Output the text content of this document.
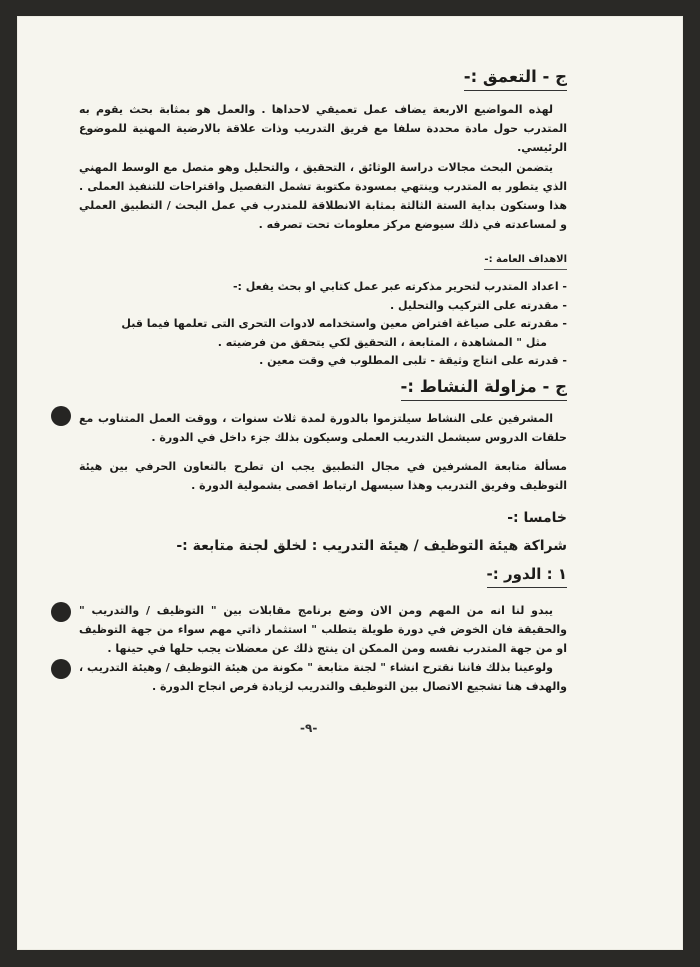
ج - التعمق :-
لهذه المواضيع الاربعة يضاف عمل تعميقي لاحداها . والعمل هو بمثابة بحث يقوم به المتدرب حول مادة محددة سلفا مع فريق التدريب وذات علاقة بالارضية المهنية للموضوع الرئيسي.
يتضمن البحث مجالات دراسة الوثائق ، التحقيق ، والتحليل وهو متصل مع الوسط المهني الذي يتطور به المتدرب وينتهي بمسودة مكتوبة تشمل التفصيل واقتراحات للتنفيذ العملى . هذا وستكون بداية الستة الثالثة بمثابة الانطلاقة للمتدرب في عمل البحث / التطبيق العملي و لمساعدته في ذلك سيوضع مركز معلومات تحت تصرفه .
الاهداف العامة :-
- اعداد المتدرب لتحرير مذكرته عبر عمل كتابي او بحث يفعل :-
- مقدرته على التركيب والتحليل .
- مقدرته على صياغة افتراض معين واستخدامه لادوات التحرى التى تعلمها فيما قبل
مثل " المشاهدة ، المتابعة ، التحقيق لكي يتحقق من فرضيته .
- قدرته على انتاج وثيقة - تلبى المطلوب في وقت معين .
ج - مزاولة النشاط :-
المشرفين على النشاط سيلتزموا بالدورة لمدة ثلاث سنوات ، ووقت العمل المتناوب مع حلقات الدروس سيشمل التدريب العملى وسيكون بذلك جزء داخل في الدورة .
مسألة متابعة المشرفين في مجال التطبيق يجب ان تطرح بالتعاون الحرفي بين هيئة التوظيف وفريق التدريب وهذا سيسهل ارتباط اقصى بشمولية الدورة .
خامسا :-
شراكة هيئة التوظيف / هيئة التدريب : لخلق لجنة متابعة :-
١ : الدور :-
يبدو لنا انه من المهم ومن الان وضع برنامج مقابلات بين " التوظيف / والتدريب " والحقيقة فان الخوض في دورة طويلة يتطلب " استثمار ذاتي مهم سواء من جهة التوظيف او من جهة المتدرب نفسه ومن الممكن ان ينتج ذلك عن معضلات يجب حلها في حينها .
ولوعينا بذلك فاننا نقترح انشاء " لجنة متابعة " مكونة من هيئة التوظيف / وهيئة التدريب ، والهدف هنا تشجيع الاتصال بين التوظيف والتدريب لزيادة فرص انجاح الدورة .
-٩-
